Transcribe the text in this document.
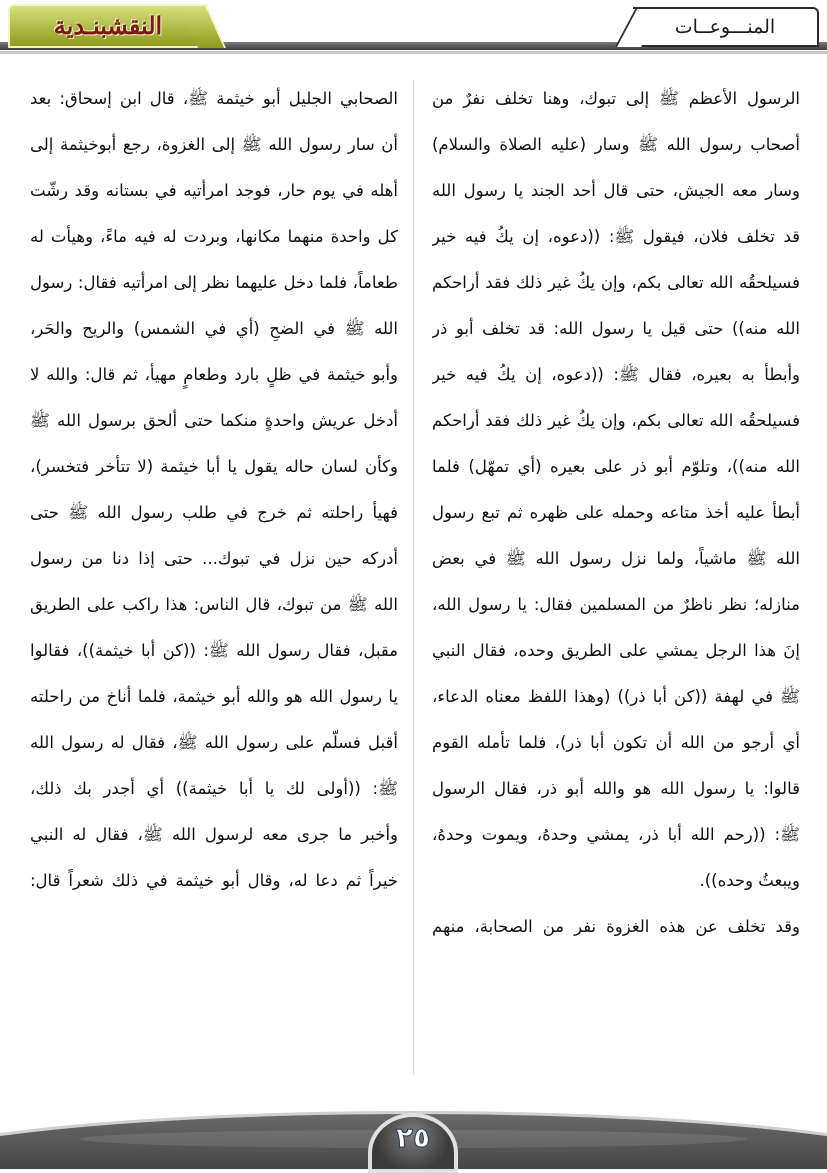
النقشبنـدية	المنـــوعــات
الرسول الأعظم ﷺ إلى تبوك، وهنا تخلف نفرٌ من
أصحاب رسول الله ﷺ وسار (عليه الصلاة والسلام)
وسار معه الجيش، حتى قال أحد الجند يا رسول الله
قد تخلف فلان، فيقول ﷺ: ((دعوه، إن يكُ فيه خير
فسيلحقُه الله تعالى بكم، وإن يكُ غير ذلك فقد أراحكم
الله منه)) حتى قيل يا رسول الله: قد تخلف أبو ذر
وأبطأ به بعيره، فقال ﷺ: ((دعوه، إن يكُ فيه خير
فسيلحقُه الله تعالى بكم، وإن يكُ غير ذلك فقد أراحكم
الله منه))، وتلوّم أبو ذر على بعيره (أي تمهّل) فلما
أبطأ عليه أخذ متاعه وحمله على ظهره ثم تبع رسول
الله ﷺ ماشياً، ولما نزل رسول الله ﷺ في بعض
منازله؛ نظر ناظرٌ من المسلمين فقال: يا رسول الله،
إنَ هذا الرجل يمشي على الطريق وحده، فقال النبي
ﷺ في لهفة ((كن أبا ذر)) (وهذا اللفظ معناه الدعاء،
أي أرجو من الله أن تكون أبا ذر)، فلما تأمله القوم
قالوا: يا رسول الله هو والله أبو ذر، فقال الرسول
ﷺ: ((رحم الله أبا ذر، يمشي وحدهُ، ويموت وحدهُ،
ويبعثُ وحده)).
وقد تخلف عن هذه الغزوة نفر من الصحابة، منهم
الصحابي الجليل أبو خيثمة ﷺ، قال ابن إسحاق: بعد
أن سار رسول الله ﷺ إلى الغزوة، رجع أبوخيثمة إلى
أهله في يوم حار، فوجد امرأتيه في بستانه وقد رشّت
كل واحدة منهما مكانها، وبردت له فيه ماءً، وهيأت له
طعاماً، فلما دخل عليهما نظر إلى امرأتيه فقال: رسول
الله ﷺ في الضحِ (أي في الشمس) والريح والحَر،
وأبو خيثمة في ظلٍ بارد وطعامٍ مهيأ، ثم قال: والله لا
أدخل عريش واحدةٍ منكما حتى ألحق برسول الله ﷺ
وكأن لسان حاله يقول يا أبا خيثمة (لا تتأخر فتخسر)،
فهيأ راحلته ثم خرج في طلب رسول الله ﷺ حتى
أدركه حين نزل في تبوك... حتى إذا دنا من رسول
الله ﷺ من تبوك، قال الناس: هذا راكب على الطريق
مقبل، فقال رسول الله ﷺ: ((كن أبا خيثمة))، فقالوا
يا رسول الله هو والله أبو خيثمة، فلما أناخ من راحلته
أقبل فسلّم على رسول الله ﷺ، فقال له رسول الله
ﷺ: ((أولى لك يا أبا خيثمة)) أي أجدر بك ذلك،
وأخبر ما جرى معه لرسول الله ﷺ، فقال له النبي
خيراً ثم دعا له، وقال أبو خيثمة في ذلك شعراً قال:
٢٥
